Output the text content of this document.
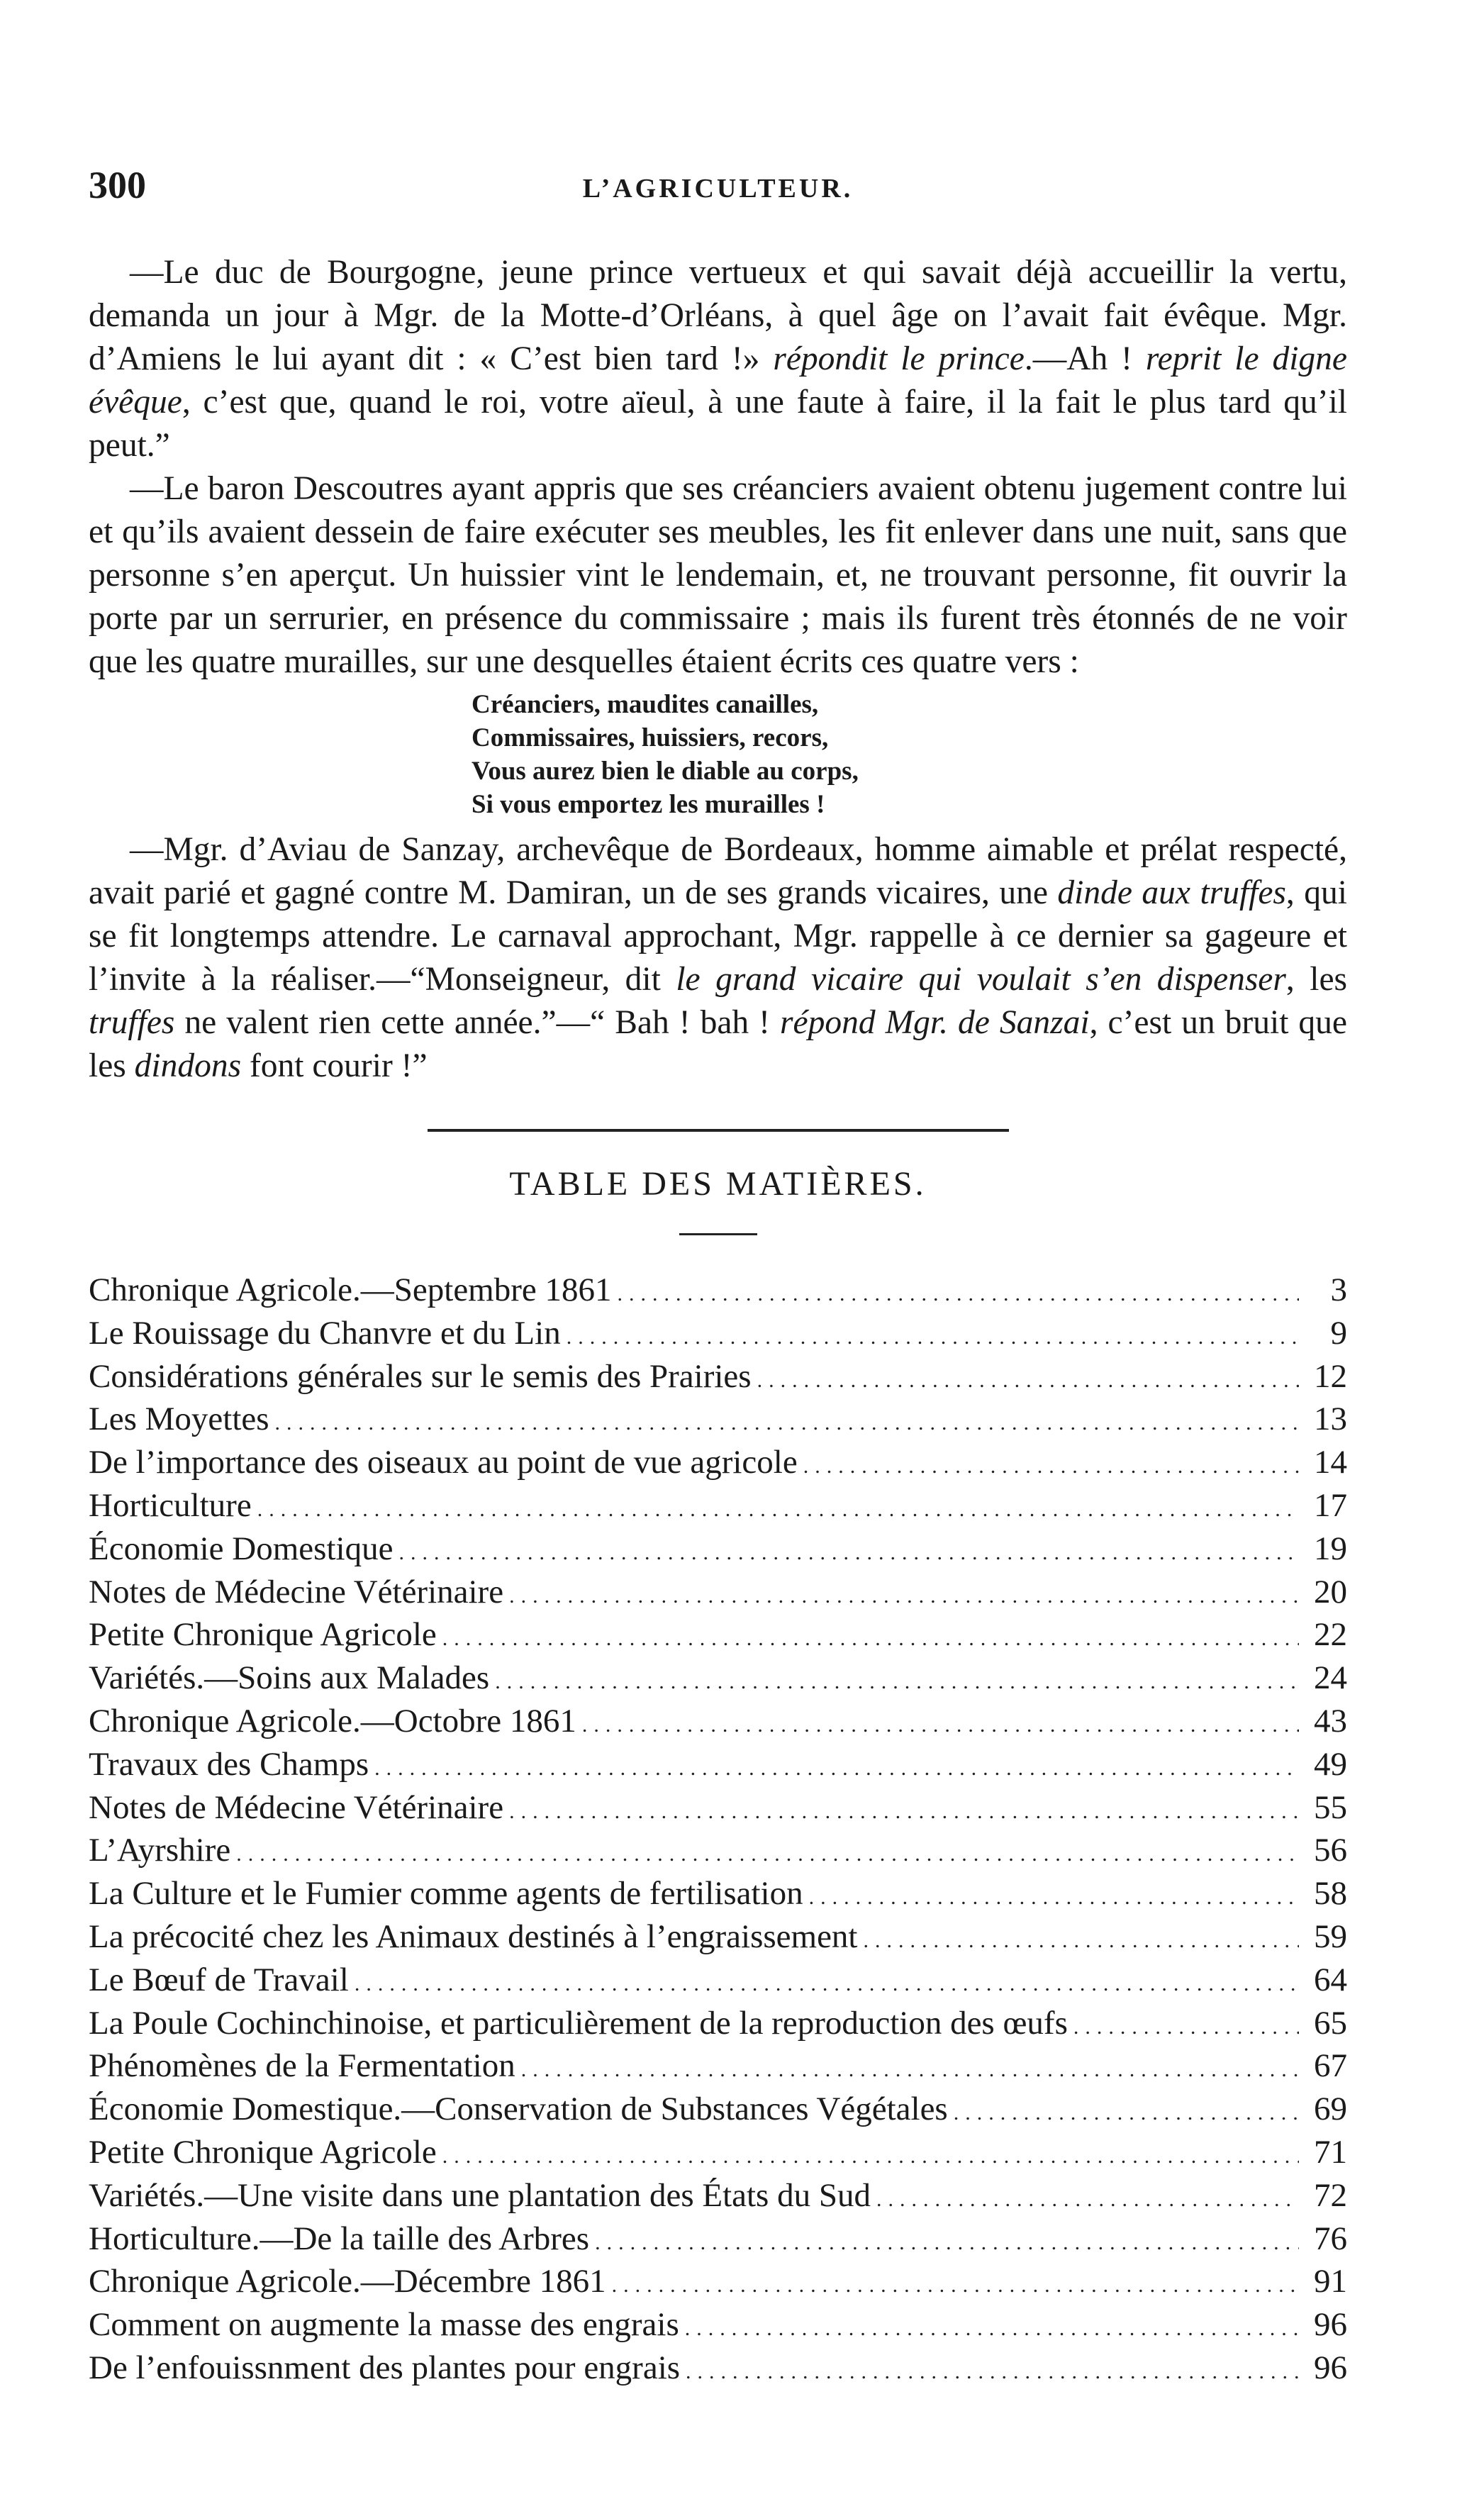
300	L’AGRICULTEUR.

—Le duc de Bourgogne, jeune prince vertueux et qui savait déjà accueillir la vertu, demanda un jour à Mgr. de la Motte-d’Orléans, à quel âge on l’avait fait évêque. Mgr. d’Amiens le lui ayant dit : « C’est bien tard !» répondit le prince.—Ah ! reprit le digne évêque, c’est que, quand le roi, votre aïeul, à une faute à faire, il la fait le plus tard qu’il peut.”

—Le baron Descoutres ayant appris que ses créanciers avaient obtenu jugement contre lui et qu’ils avaient dessein de faire exécuter ses meubles, les fit enlever dans une nuit, sans que personne s’en aperçut. Un huissier vint le lendemain, et, ne trouvant personne, fit ouvrir la porte par un serrurier, en présence du commissaire ; mais ils furent très étonnés de ne voir que les quatre murailles, sur une desquelles étaient écrits ces quatre vers :

Créanciers, maudites canailles,
Commissaires, huissiers, recors,
Vous aurez bien le diable au corps,
Si vous emportez les murailles !

—Mgr. d’Aviau de Sanzay, archevêque de Bordeaux, homme aimable et prélat respecté, avait parié et gagné contre M. Damiran, un de ses grands vicaires, une dinde aux truffes, qui se fit longtemps attendre. Le carnaval approchant, Mgr. rappelle à ce dernier sa gageure et l’invite à la réaliser.—“Monseigneur, dit le grand vicaire qui voulait s’en dispenser, les truffes ne valent rien cette année.”—“ Bah ! bah ! répond Mgr. de Sanzai, c’est un bruit que les dindons font courir !”

TABLE DES MATIÈRES.
Chronique Agricole.—Septembre 1861 .....	3
Le Rouissage du Chanvre et du Lin .....	9
Considérations générales sur le semis des Prairies .....	12
Les Moyettes .....	13
De l’importance des oiseaux au point de vue agricole .....	14
Horticulture .....	17
Économie Domestique .....	19
Notes de Médecine Vétérinaire .....	20
Petite Chronique Agricole .....	22
Variétés.—Soins aux Malades .....	24
Chronique Agricole.—Octobre 1861 .....	43
Travaux des Champs .....	49
Notes de Médecine Vétérinaire .....	55
L’Ayrshire .....	56
La Culture et le Fumier comme agents de fertilisation .....	58
La précocité chez les Animaux destinés à l’engraissement .....	59
Le Bœuf de Travail .....	64
La Poule Cochinchinoise, et particulièrement de la reproduction des œufs .....	65
Phénomènes de la Fermentation .....	67
Économie Domestique.—Conservation de Substances Végétales .....	69
Petite Chronique Agricole .....	71
Variétés.—Une visite dans une plantation des États du Sud .....	72
Horticulture.—De la taille des Arbres .....	76
Chronique Agricole.—Décembre 1861 .....	91
Comment on augmente la masse des engrais .....	96
De l’enfouissnment des plantes pour engrais .....	96
